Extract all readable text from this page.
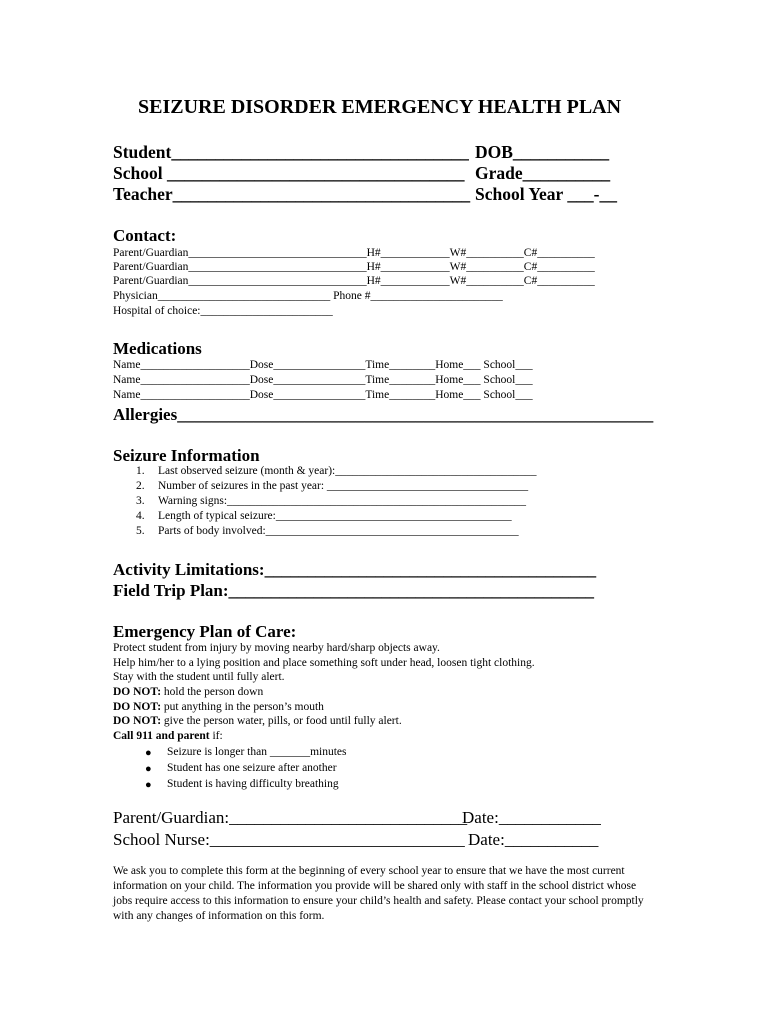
SEIZURE DISORDER EMERGENCY HEALTH PLAN
Student__________________________________ DOB___________
School __________________________________ Grade__________
Teacher__________________________________ School Year ___-__
Contact:
Parent/Guardian_______________________________H#____________W#__________C#__________
Parent/Guardian_______________________________H#____________W#__________C#__________
Parent/Guardian_______________________________H#____________W#__________C#__________
Physician______________________________ Phone #_______________________
Hospital of choice:_______________________
Medications
Name___________________Dose________________Time________Home___ School___
Name___________________Dose________________Time________Home___ School___
Name___________________Dose________________Time________Home___ School___
Allergies________________________________________________________
Seizure Information
1. Last observed seizure (month & year):___________________________________
2. Number of seizures in the past year: ___________________________________
3. Warning signs:____________________________________________________
4. Length of typical seizure:_________________________________________
5. Parts of body involved:____________________________________________
Activity Limitations:_______________________________________
Field Trip Plan:___________________________________________
Emergency Plan of Care:
Protect student from injury by moving nearby hard/sharp objects away.
Help him/her to a lying position and place something soft under head, loosen tight clothing.
Stay with the student until fully alert.
DO NOT: hold the person down
DO NOT: put anything in the person’s mouth
DO NOT: give the person water, pills, or food until fully alert.
Call 911 and parent if:
● Seizure is longer than _______minutes
● Student has one seizure after another
● Student is having difficulty breathing
Parent/Guardian:____________________________
Date:____________
School Nurse:______________________________ Date:___________
We ask you to complete this form at the beginning of every school year to ensure that we have the most current information on your child. The information you provide will be shared only with staff in the school district whose jobs require access to this information to ensure your child’s health and safety. Please contact your school promptly with any changes of information on this form.
